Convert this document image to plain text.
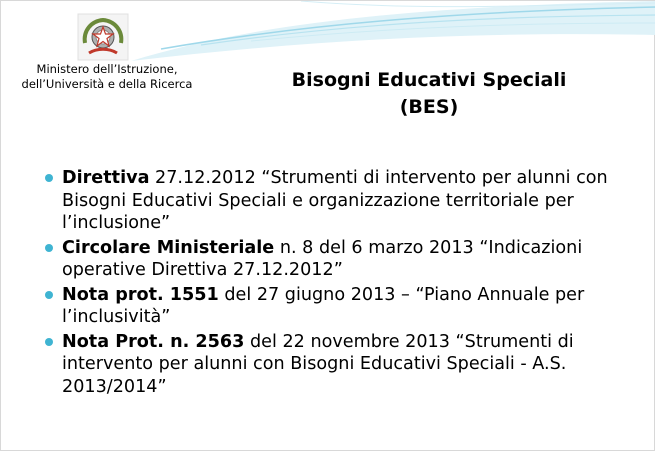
Ministero dell’Istruzione, dell’Università e della Ricerca	Bisogni Educativi Speciali
(BES)
Direttiva 27.12.2012 “Strumenti di intervento per alunni con Bisogni Educativi Speciali e organizzazione territoriale per l’inclusione”
Circolare Ministeriale n. 8 del 6 marzo 2013 “Indicazioni operative Direttiva 27.12.2012”
Nota prot. 1551 del 27 giugno 2013 – “Piano Annuale per l’inclusività”
Nota Prot. n. 2563 del 22 novembre 2013 “Strumenti di intervento per alunni con Bisogni Educativi Speciali - A.S. 2013/2014”
